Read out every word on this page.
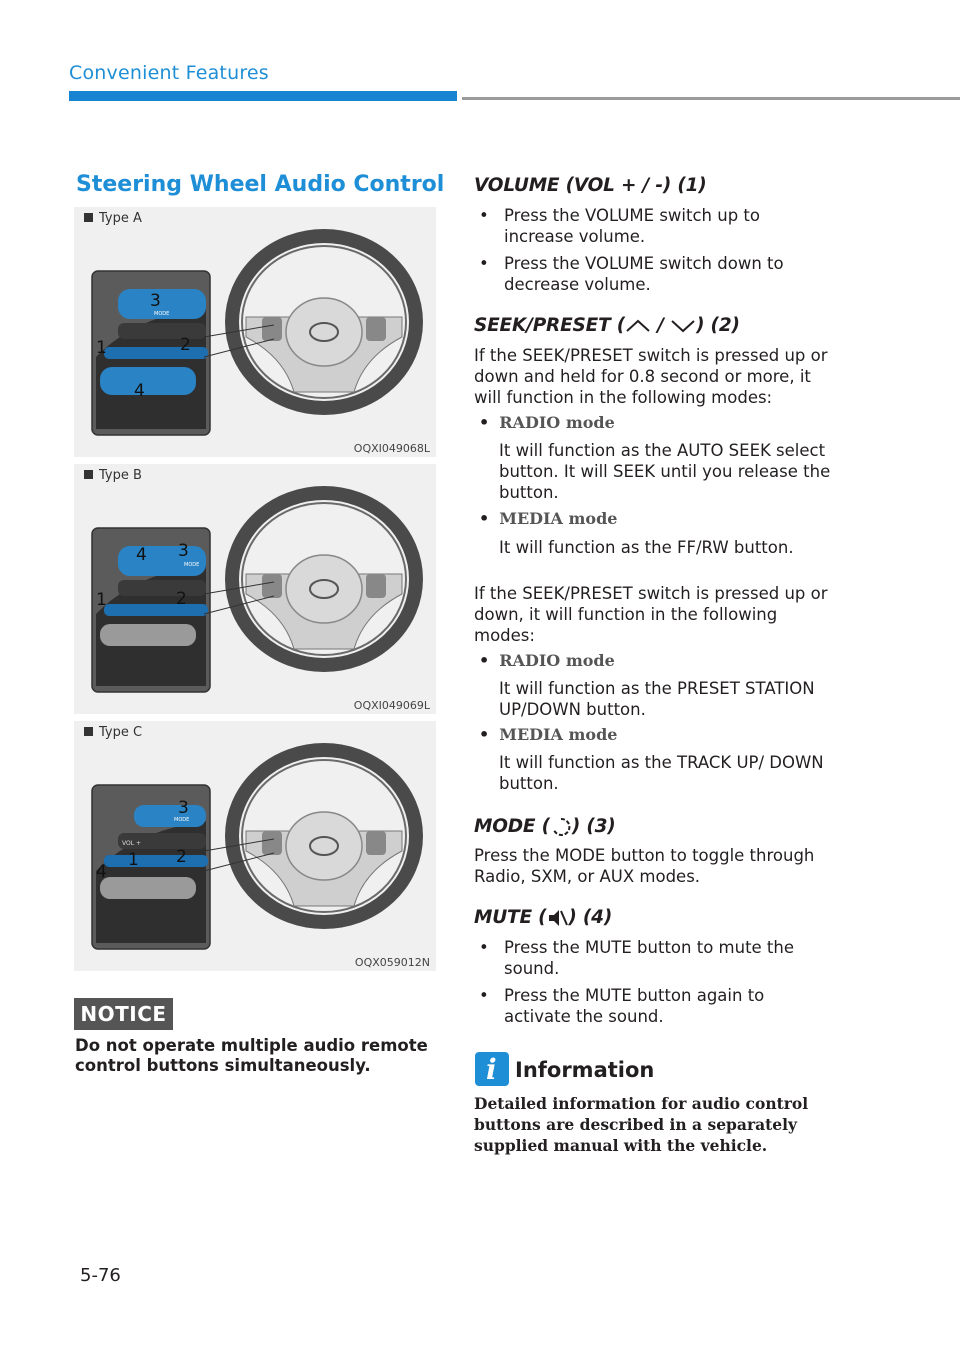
Convenient Features
Steering Wheel Audio Control
3
MODE
1	2
4
Type A
OQXI049068L
4 3
MODE
1	2
Type B
OQXI049069L
3
MODE
VOL +
1 2
4
Type C
OQX059012N
NOTICE
Do not operate multiple audio remote control buttons simultaneously.
VOLUME (VOL + / -) (1)
• Press the VOLUME switch up to increase volume.
• Press the VOLUME switch down to decrease volume.
SEEK/PRESET ( / ) (2)
If the SEEK/PRESET switch is pressed up or down and held for 0.8 second or more, it will function in the following modes:
• RADIO mode
It will function as the AUTO SEEK select button. It will SEEK until you release the button.
• MEDIA mode
It will function as the FF/RW button.
If the SEEK/PRESET switch is pressed up or down, it will function in the following modes:
• RADIO mode
It will function as the PRESET STATION UP/DOWN button.
• MEDIA mode
It will function as the TRACK UP/ DOWN button.
MODE ( ) (3)
Press the MODE button to toggle through Radio, SXM, or AUX modes.
MUTE ( ) (4)
• Press the MUTE button to mute the sound.
• Press the MUTE button again to activate the sound.
i Information
Detailed information for audio control buttons are described in a separately supplied manual with the vehicle.
5-76
